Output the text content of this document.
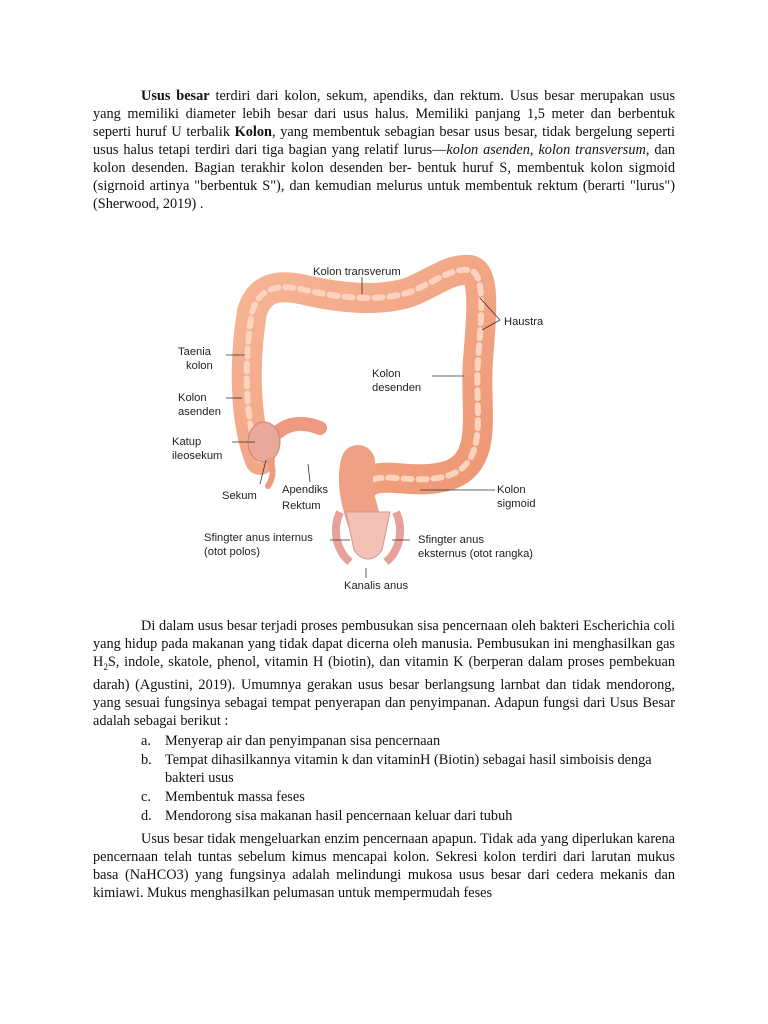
Usus besar terdiri dari kolon, sekum, apendiks, dan rektum. Usus besar merupakan usus yang memiliki diameter lebih besar dari usus halus. Memiliki panjang 1,5 meter dan berbentuk seperti huruf U terbalik Kolon, yang membentuk sebagian besar usus besar, tidak bergelung seperti usus halus tetapi terdiri dari tiga bagian yang relatif lurus—kolon asenden, kolon transversum, dan kolon desenden. Bagian terakhir kolon desenden ber- bentuk huruf S, membentuk kolon sigmoid (sigrnoid artinya "berbentuk S"), dan kemudian melurus untuk membentuk rektum (berarti "lurus") (Sherwood, 2019) .

Kolon transverum
Haustra
Taenia
kolon
Kolon
desenden
Kolon
asenden
Katup
ileosekum
Sekum Apendiks
Rektum
Kolon
sigmoid
Sfingter anus internus
(otot polos)
Sfingter anus
eksternus (otot rangka)
Kanalis anus

Di dalam usus besar terjadi proses pembusukan sisa pencernaan oleh bakteri Escherichia coli yang hidup pada makanan yang tidak dapat dicerna oleh manusia. Pembusukan ini menghasilkan gas $H_2S$, indole, skatole, phenol, vitamin H (biotin), dan vitamin K (berperan dalam proses pembekuan darah) (Agustini, 2019). Umumnya gerakan usus besar berlangsung larnbat dan tidak mendorong, yang sesuai fungsinya sebagai tempat penyerapan dan penyimpanan. Adapun fungsi dari Usus Besar adalah sebagai berikut :

a. Menyerap air dan penyimpanan sisa pencernaan
b. Tempat dihasilkannya vitamin k dan vitaminH (Biotin) sebagai hasil simboisis denga bakteri usus
c. Membentuk massa feses
d. Mendorong sisa makanan hasil pencernaan keluar dari tubuh

Usus besar tidak mengeluarkan enzim pencernaan apapun. Tidak ada yang diperlukan karena pencernaan telah tuntas sebelum kimus mencapai kolon. Sekresi kolon terdiri dari larutan mukus basa (NaHCO3) yang fungsinya adalah melindungi mukosa usus besar dari cedera mekanis dan kimiawi. Mukus menghasilkan pelumasan untuk mempermudah feses
